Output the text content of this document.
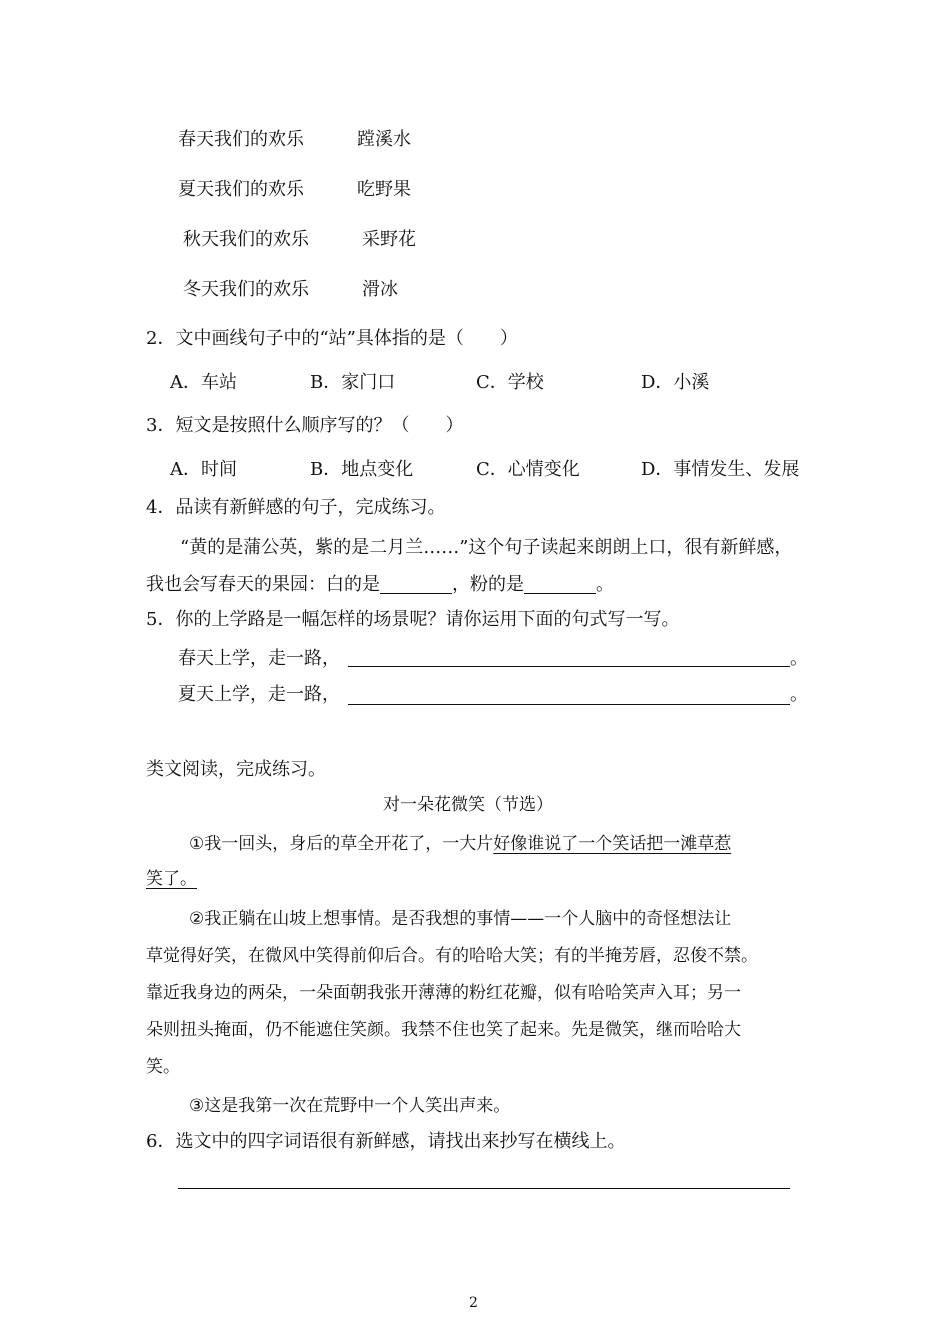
春天我们的欢乐	蹚溪水
夏天我们的欢乐	吃野果
秋天我们的欢乐	采野花
冬天我们的欢乐	滑冰
2．文中画线句子中的“站”具体指的是（　　）
A．车站	B．家门口	C．学校	D．小溪
3．短文是按照什么顺序写的？（　　）
A．时间	B．地点变化	C．心情变化	D．事情发生、发展
4．品读有新鲜感的句子，完成练习。
“黄的是蒲公英，紫的是二月兰……”这个句子读起来朗朗上口，很有新鲜感，
我也会写春天的果园：白的是	，粉的是	。
5．你的上学路是一幅怎样的场景呢？请你运用下面的句式写一写。
春天上学，走一路，	。
夏天上学，走一路，	。
类文阅读，完成练习。
对一朵花微笑（节选）
①我一回头，身后的草全开花了，一大片好像谁说了一个笑话把一滩草惹
笑了。
②我正躺在山坡上想事情。是否我想的事情——一个人脑中的奇怪想法让
草觉得好笑，在微风中笑得前仰后合。有的哈哈大笑；有的半掩芳唇，忍俊不禁。
靠近我身边的两朵，一朵面朝我张开薄薄的粉红花瓣，似有哈哈笑声入耳；另一
朵则扭头掩面，仍不能遮住笑颜。我禁不住也笑了起来。先是微笑，继而哈哈大
笑。
③这是我第一次在荒野中一个人笑出声来。
6．选文中的四字词语很有新鲜感，请找出来抄写在横线上。
2
